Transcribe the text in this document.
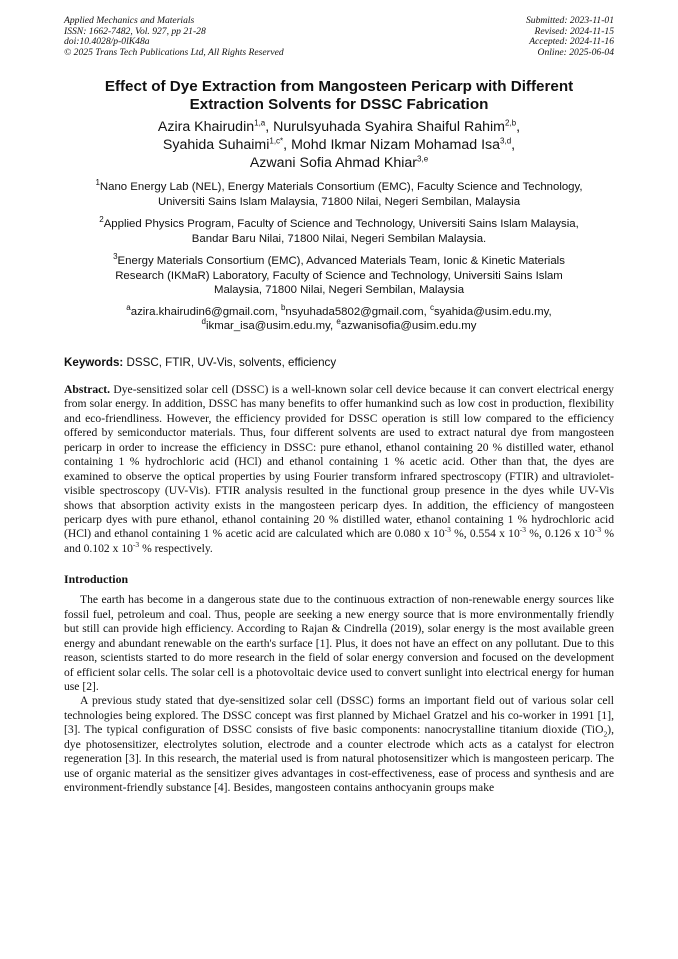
Applied Mechanics and Materials
ISSN: 1662-7482, Vol. 927, pp 21-28
doi:10.4028/p-0lK48a
© 2025 Trans Tech Publications Ltd, All Rights Reserved
Submitted: 2023-11-01
Revised: 2024-11-15
Accepted: 2024-11-16
Online: 2025-06-04
Effect of Dye Extraction from Mangosteen Pericarp with Different
Extraction Solvents for DSSC Fabrication
Azira Khairudin$^{1,a}$, Nurulsyuhada Syahira Shaiful Rahim$^{2,b}$,
Syahida Suhaimi$^{1,c*}$, Mohd Ikmar Nizam Mohamad Isa$^{3,d}$,
Azwani Sofia Ahmad Khiar$^{3,e}$
$^1$Nano Energy Lab (NEL), Energy Materials Consortium (EMC), Faculty Science and Technology,
Universiti Sains Islam Malaysia, 71800 Nilai, Negeri Sembilan, Malaysia
$^2$Applied Physics Program, Faculty of Science and Technology, Universiti Sains Islam Malaysia,
Bandar Baru Nilai, 71800 Nilai, Negeri Sembilan Malaysia.
$^3$Energy Materials Consortium (EMC), Advanced Materials Team, Ionic & Kinetic Materials
Research (IKMaR) Laboratory, Faculty of Science and Technology, Universiti Sains Islam
Malaysia, 71800 Nilai, Negeri Sembilan, Malaysia
$^a$azira.khairudin6@gmail.com, $^b$nsyuhada5802@gmail.com, $^c$syahida@usim.edu.my,
$^d$ikmar_isa@usim.edu.my, $^e$azwanisofia@usim.edu.my
Keywords: DSSC, FTIR, UV-Vis, solvents, efficiency
Abstract. Dye-sensitized solar cell (DSSC) is a well-known solar cell device because it can convert electrical energy from solar energy. In addition, DSSC has many benefits to offer humankind such as low cost in production, flexibility and eco-friendliness. However, the efficiency provided for DSSC operation is still low compared to the efficiency offered by semiconductor materials. Thus, four different solvents are used to extract natural dye from mangosteen pericarp in order to increase the efficiency in DSSC: pure ethanol, ethanol containing 20 % distilled water, ethanol containing 1 % hydrochloric acid (HCl) and ethanol containing 1 % acetic acid. Other than that, the dyes are examined to observe the optical properties by using Fourier transform infrared spectroscopy (FTIR) and ultraviolet-visible spectroscopy (UV-Vis). FTIR analysis resulted in the functional group presence in the dyes while UV-Vis shows that absorption activity exists in the mangosteen pericarp dyes. In addition, the efficiency of mangosteen pericarp dyes with pure ethanol, ethanol containing 20 % distilled water, ethanol containing 1 % hydrochloric acid (HCl) and ethanol containing 1 % acetic acid are calculated which are 0.080 x $10^{-3}$ %, 0.554 x $10^{-3}$ %, 0.126 x $10^{-3}$ % and 0.102 x $10^{-3}$ % respectively.
Introduction
The earth has become in a dangerous state due to the continuous extraction of non-renewable energy sources like fossil fuel, petroleum and coal. Thus, people are seeking a new energy source that is more environmentally friendly but still can provide high efficiency. According to Rajan & Cindrella (2019), solar energy is the most available green energy and abundant renewable on the earth's surface [1]. Plus, it does not have an effect on any pollutant. Due to this reason, scientists started to do more research in the field of solar energy conversion and focused on the development of efficient solar cells. The solar cell is a photovoltaic device used to convert sunlight into electrical energy for human use [2].
A previous study stated that dye-sensitized solar cell (DSSC) forms an important field out of various solar cell technologies being explored. The DSSC concept was first planned by Michael Gratzel and his co-worker in 1991 [1], [3]. The typical configuration of DSSC consists of five basic components: nanocrystalline titanium dioxide (TiO$_2$), dye photosensitizer, electrolytes solution, electrode and a counter electrode which acts as a catalyst for electron regeneration [3]. In this research, the material used is from natural photosensitizer which is mangosteen pericarp. The use of organic material as the sensitizer gives advantages in cost-effectiveness, ease of process and synthesis and are environment-friendly substance [4]. Besides, mangosteen contains anthocyanin groups make
